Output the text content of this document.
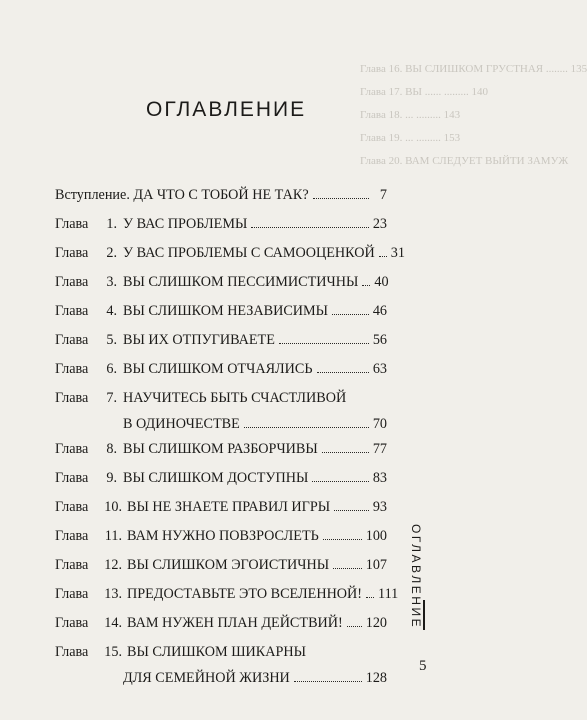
Глава 16. ВЫ СЛИШКОМ ГРУСТНАЯ ........ 135
Глава 17. ВЫ ...... ......... 140
Глава 18. ... ......... 143
Глава 19. ... ......... 153
Глава 20. ВАМ СЛЕДУЕТ ВЫЙТИ ЗАМУЖ
ОГЛАВЛЕНИЕ
Вступление. ДА ЧТО С ТОБОЙ НЕ ТАК?	7
Глава	1. У ВАС ПРОБЛЕМЫ	23
Глава	2. У ВАС ПРОБЛЕМЫ С САМООЦЕНКОЙ 31
Глава	3. ВЫ СЛИШКОМ ПЕССИМИСТИЧНЫ 40
Глава	4. ВЫ СЛИШКОМ НЕЗАВИСИМЫ	46
Глава	5. ВЫ ИХ ОТПУГИВАЕТЕ	56
Глава	6. ВЫ СЛИШКОМ ОТЧАЯЛИСЬ	63
Глава	7. НАУЧИТЕСЬ БЫТЬ СЧАСТЛИВОЙ
В ОДИНОЧЕСТВЕ	70
Глава	8. ВЫ СЛИШКОМ РАЗБОРЧИВЫ	77
Глава	9. ВЫ СЛИШКОМ ДОСТУПНЫ	83
Глава	10. ВЫ НЕ ЗНАЕТЕ ПРАВИЛ ИГРЫ	93
Глава	11. ВАМ НУЖНО ПОВЗРОСЛЕТЬ	100
Глава	12. ВЫ СЛИШКОМ ЭГОИСТИЧНЫ	107
Глава	13. ПРЕДОСТАВЬТЕ ЭТО ВСЕЛЕННОЙ! 111
Глава	14. ВАМ НУЖЕН ПЛАН ДЕЙСТВИЙ! 120
Глава	15. ВЫ СЛИШКОМ ШИКАРНЫ
ДЛЯ СЕМЕЙНОЙ ЖИЗНИ	128
ОГЛАВЛЕНИЕ
5
